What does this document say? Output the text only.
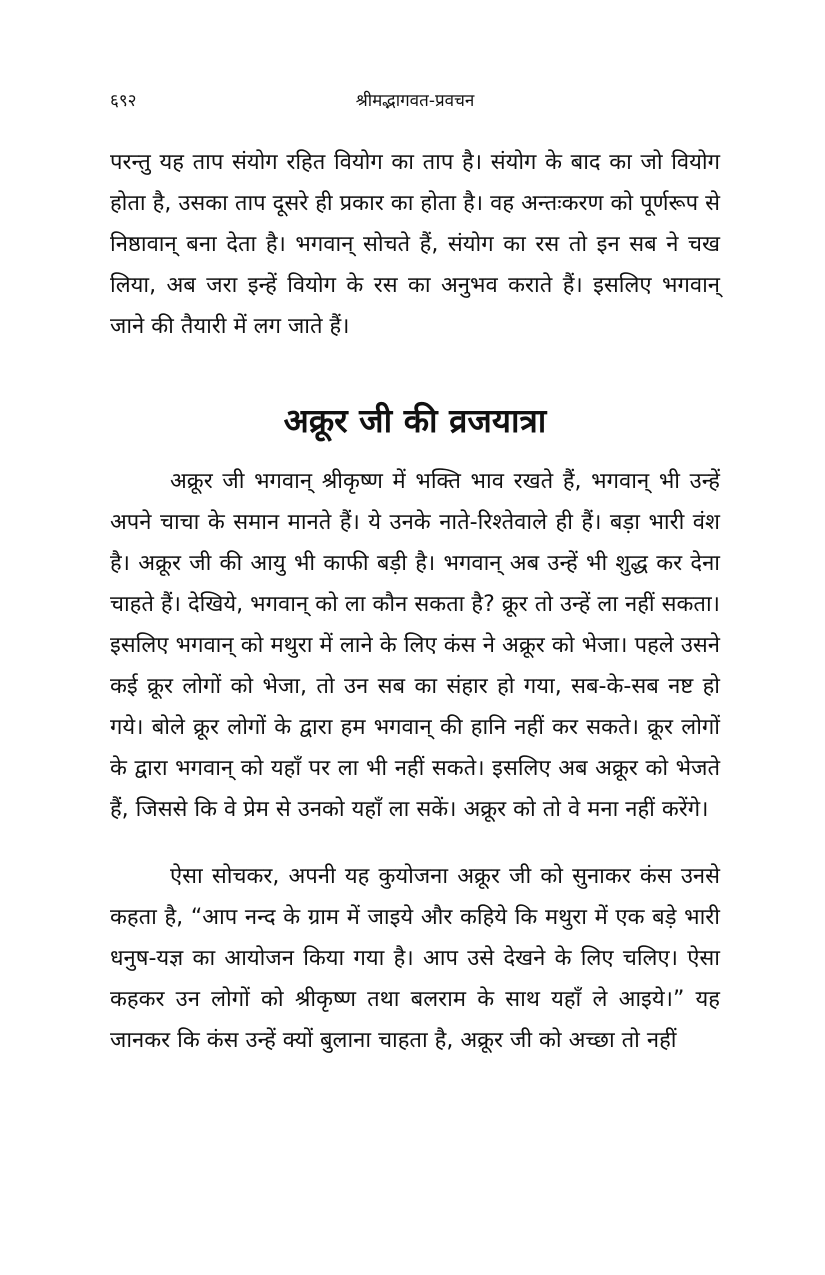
६९२	श्रीमद्भागवत-प्रवचन

परन्तु यह ताप संयोग रहित वियोग का ताप है। संयोग के बाद का जो वियोग होता है, उसका ताप दूसरे ही प्रकार का होता है। वह अन्तःकरण को पूर्णरूप से निष्ठावान् बना देता है। भगवान् सोचते हैं, संयोग का रस तो इन सब ने चख लिया, अब जरा इन्हें वियोग के रस का अनुभव कराते हैं। इसलिए भगवान् जाने की तैयारी में लग जाते हैं।

अक्रूर जी की व्रजयात्रा

अक्रूर जी भगवान् श्रीकृष्ण में भक्ति भाव रखते हैं, भगवान् भी उन्हें अपने चाचा के समान मानते हैं। ये उनके नाते-रिश्तेवाले ही हैं। बड़ा भारी वंश है। अक्रूर जी की आयु भी काफी बड़ी है। भगवान् अब उन्हें भी शुद्ध कर देना चाहते हैं। देखिये, भगवान् को ला कौन सकता है? क्रूर तो उन्हें ला नहीं सकता। इसलिए भगवान् को मथुरा में लाने के लिए कंस ने अक्रूर को भेजा। पहले उसने कई क्रूर लोगों को भेजा, तो उन सब का संहार हो गया, सब-के-सब नष्ट हो गये। बोले क्रूर लोगों के द्वारा हम भगवान् की हानि नहीं कर सकते। क्रूर लोगों के द्वारा भगवान् को यहाँ पर ला भी नहीं सकते। इसलिए अब अक्रूर को भेजते हैं, जिससे कि वे प्रेम से उनको यहाँ ला सकें। अक्रूर को तो वे मना नहीं करेंगे।

ऐसा सोचकर, अपनी यह कुयोजना अक्रूर जी को सुनाकर कंस उनसे कहता है, “आप नन्द के ग्राम में जाइये और कहिये कि मथुरा में एक बड़े भारी धनुष-यज्ञ का आयोजन किया गया है। आप उसे देखने के लिए चलिए। ऐसा कहकर उन लोगों को श्रीकृष्ण तथा बलराम के साथ यहाँ ले आइये।” यह जानकर कि कंस उन्हें क्यों बुलाना चाहता है, अक्रूर जी को अच्छा तो नहीं
